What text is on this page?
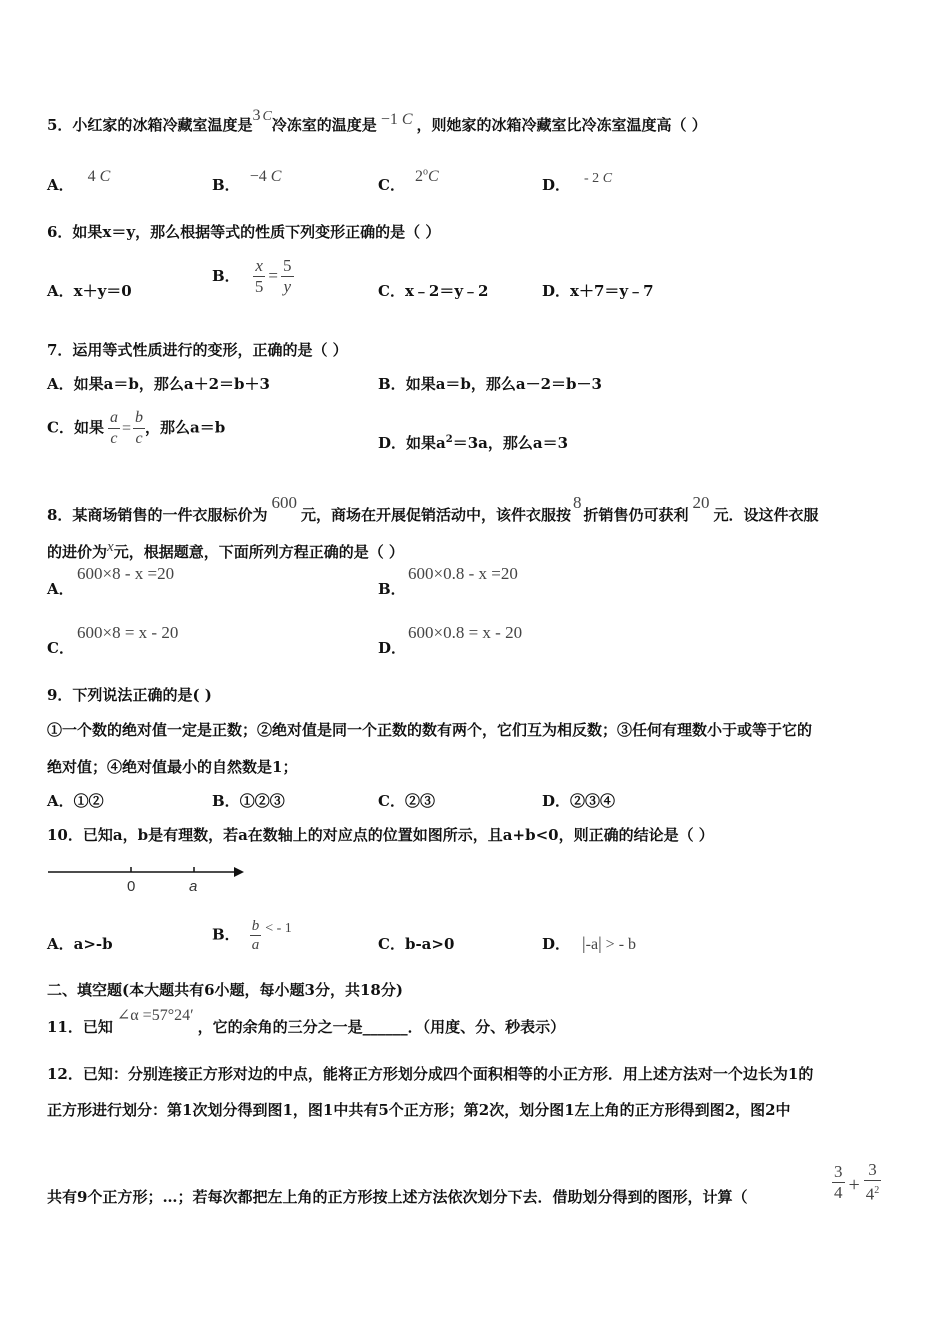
5．小红家的冰箱冷藏室温度是3 C冷冻室的温度是 −1 C ，则她家的冰箱冷藏室比冷冻室温度高（ ）
A． 4 C	B． −4 C	C． 2$^o$C	D． - 2 C
6．如果x＝y，那么根据等式的性质下列变形正确的是（ ）
A．x＋y＝0
B． $\frac{x}{5} = \frac{5}{y}$	C．x﹣2＝y﹣2	D．x＋7＝y﹣7
7．运用等式性质进行的变形，正确的是（ ）
A．如果a＝b，那么a＋2＝b＋3	B．如果a＝b，那么a－2＝b－3
C．如果 $\frac{a}{c} = \frac{b}{c}$ ，那么a＝b
D．如果$a^2=3a$，那么a＝3
8．某商场销售的一件衣服标价为600元，商场在开展促销活动中，该件衣服按8折销售仍可获利20元．设这件衣服
的进价为x元，根据题意，下面所列方程正确的是（ ）
A．
600×8 - x =20
B．
600×0.8 - x =20
C．
600×8 = x - 20
D．
600×0.8 = x - 20
9．下列说法正确的是( )
①一个数的绝对值一定是正数；②绝对值是同一个正数的数有两个，它们互为相反数；③任何有理数小于或等于它的
绝对值；④绝对值最小的自然数是1；
A．①②	B．①②③	C．②③	D．②③④
10．已知a，b是有理数，若a在数轴上的对应点的位置如图所示，且a+b<0，则正确的结论是（ ）
0	a
A．a>-b
B． $\frac{b}{a}$ < - 1
C．b-a>0	D． |-a| > - b
二、填空题(本大题共有6小题，每小题3分，共18分)
11．已知∠α =57°24′，它的余角的三分之一是______．（用度、分、秒表示）
12．已知：分别连接正方形对边的中点，能将正方形划分成四个面积相等的小正方形．用上述方法对一个边长为1的
正方形进行划分：第1次划分得到图1，图1中共有5个正方形；第2次，划分图1左上角的正方形得到图2，图2中
共有9个正方形；…；若每次都把左上角的正方形按上述方法依次划分下去．借助划分得到的图形，计算（	$\frac{3}{4} + \frac{3}{4^2}$
